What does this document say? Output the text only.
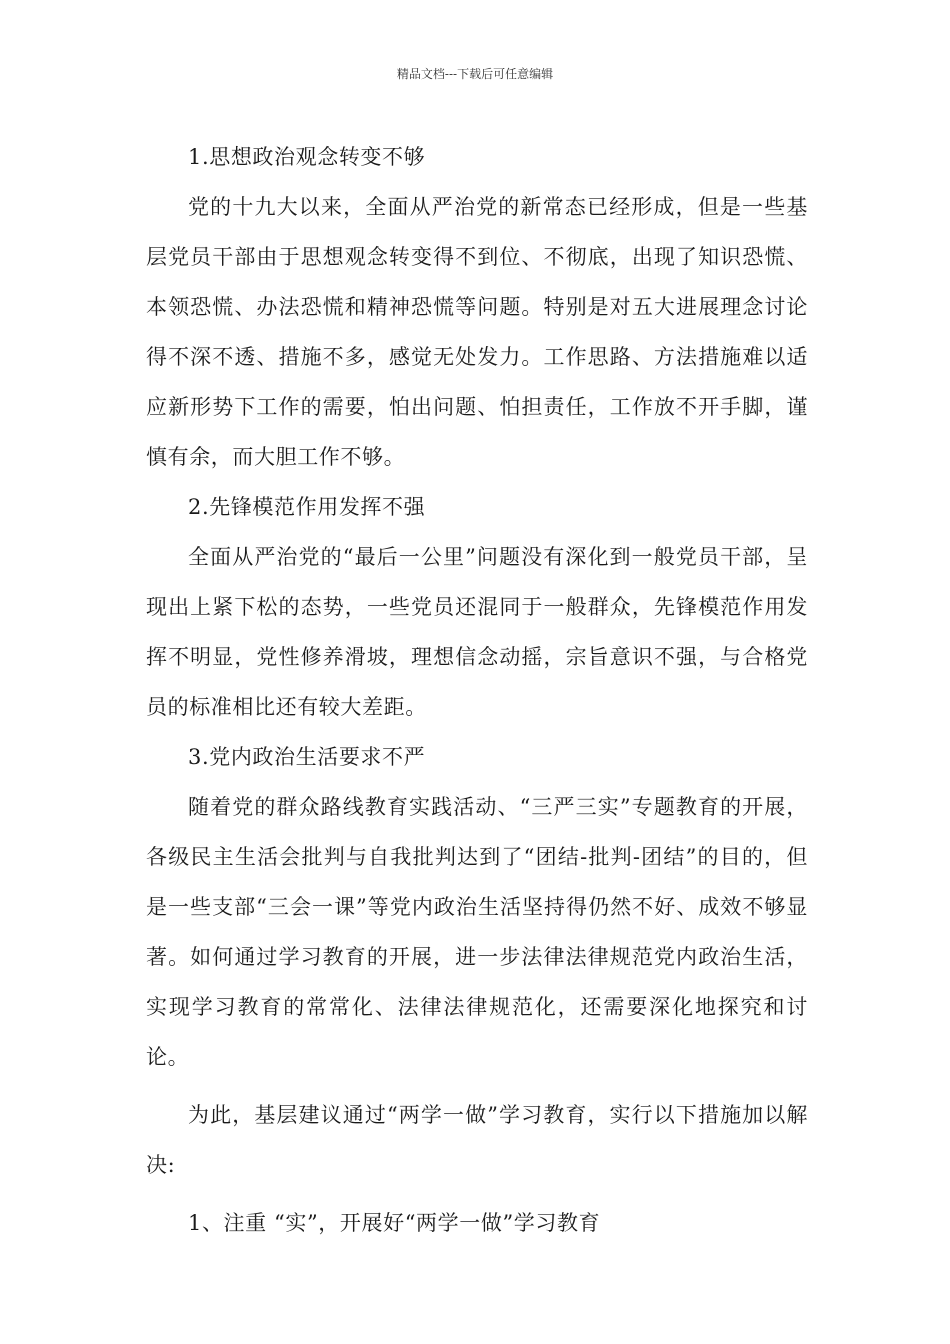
精品文档---下载后可任意编辑

1.思想政治观念转变不够

党的十九大以来，全面从严治党的新常态已经形成，但是一些基层党员干部由于思想观念转变得不到位、不彻底，出现了知识恐慌、本领恐慌、办法恐慌和精神恐慌等问题。特别是对五大进展理念讨论得不深不透、措施不多，感觉无处发力。工作思路、方法措施难以适应新形势下工作的需要，怕出问题、怕担责任，工作放不开手脚，谨慎有余，而大胆工作不够。

2.先锋模范作用发挥不强

全面从严治党的“最后一公里”问题没有深化到一般党员干部，呈现出上紧下松的态势，一些党员还混同于一般群众，先锋模范作用发挥不明显，党性修养滑坡，理想信念动摇，宗旨意识不强，与合格党员的标准相比还有较大差距。

3.党内政治生活要求不严

随着党的群众路线教育实践活动、“三严三实”专题教育的开展，各级民主生活会批判与自我批判达到了“团结-批判-团结”的目的，但是一些支部“三会一课”等党内政治生活坚持得仍然不好、成效不够显著。如何通过学习教育的开展，进一步法律法律规范党内政治生活，实现学习教育的常常化、法律法律规范化，还需要深化地探究和讨论。

为此，基层建议通过“两学一做”学习教育，实行以下措施加以解决:

1、注重 “实”，开展好“两学一做”学习教育
